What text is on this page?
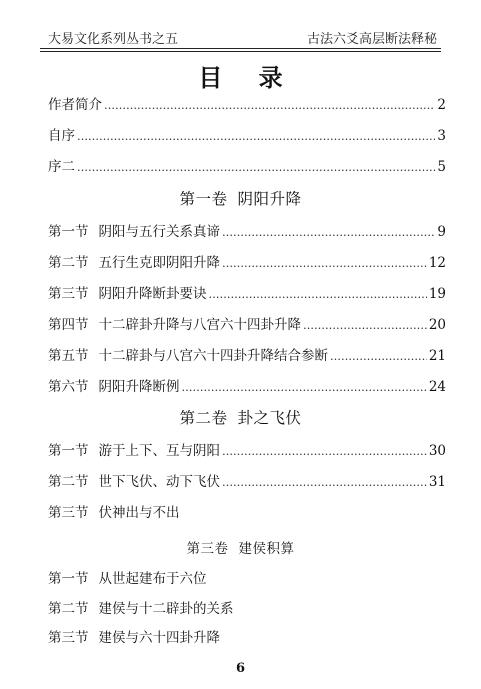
大易文化系列丛书之五	古法六爻高层断法释秘
目 录
作者简介 ………………………………………………………………………………………………………………………………	2
自序 ………………………………………………………………………………………………………………………………	3
序二 ………………………………………………………………………………………………………………………………	5
第一卷 阴阳升降
第一节 阴阳与五行关系真谛 ………………………………………………………………………………………………………………………………	9
第二节 五行生克即阴阳升降 ………………………………………………………………………………………………………………………………	12
第三节 阴阳升降断卦要诀 ………………………………………………………………………………………………………………………………	19
第四节 十二辟卦升降与八宫六十四卦升降 ………………………………………………………………………………………………………………………………	20
第五节 十二辟卦与八宫六十四卦升降结合参断 ………………………………………………………………………………………………………………………………	21
第六节 阴阳升降断例 ………………………………………………………………………………………………………………………………	24
第二卷 卦之飞伏
第一节 游于上下、互与阴阳 ………………………………………………………………………………………………………………………………	30
第二节 世下飞伏、动下飞伏 ………………………………………………………………………………………………………………………………	31
第三节 伏神出与不出
第三卷 建侯积算
第一节 从世起建布于六位
第二节 建侯与十二辟卦的关系
第三节 建侯与六十四卦升降
6
